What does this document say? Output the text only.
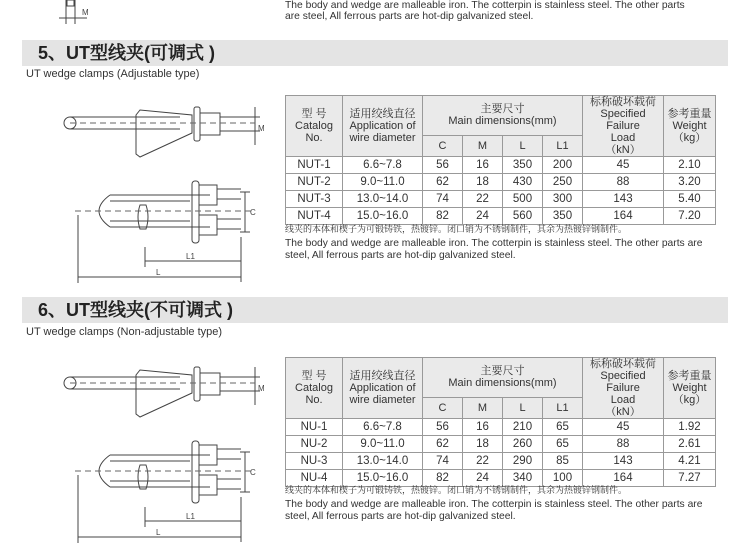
M
The body and wedge are malleable iron. The cotterpin is stainless steel. The other parts
are steel, All ferrous parts are hot-dip galvanized steel.
5、UT型线夹(可调式 )
UT wedge clamps (Adjustable type)
M
C
L1
L
型 号
Catalog
No.	适用绞线直径
Application of
wire diameter	主要尺寸
Main dimensions(mm)				标称破坏载荷
Specified Failure
Load
（kN）	参考重量
Weight
（kg）
		C	M	L	L1		
NUT-1	6.6~7.8	56	16	350	200	45	2.10
NUT-2	9.0~11.0	62	18	430	250	88	3.20
NUT-3	13.0~14.0	74	22	500	300	143	5.40
NUT-4	15.0~16.0	82	24	560	350	164	7.20
线夹的本体和楔子为可锻铸铁，热镀锌。闭口销为不锈钢制件，其余为热镀锌钢制件。
The body and wedge are malleable iron. The cotterpin is stainless steel. The other parts are steel, All ferrous parts are hot-dip galvanized steel.
6、UT型线夹(不可调式 )
UT wedge clamps (Non-adjustable type)
M
C
L1
L
型 号
Catalog
No.	适用绞线直径
Application of
wire diameter	主要尺寸
Main dimensions(mm)				标称破坏载荷
Specified Failure
Load
（kN）	参考重量
Weight
（kg）
		C	M	L	L1		
NU-1	6.6~7.8	56	16	210	65	45	1.92
NU-2	9.0~11.0	62	18	260	65	88	2.61
NU-3	13.0~14.0	74	22	290	85	143	4.21
NU-4	15.0~16.0	82	24	340	100	164	7.27
线夹的本体和楔子为可锻铸铁，热镀锌。闭口销为不锈钢制件，其余为热镀锌钢制件。
The body and wedge are malleable iron. The cotterpin is stainless steel. The other parts are steel, All ferrous parts are hot-dip galvanized steel.
